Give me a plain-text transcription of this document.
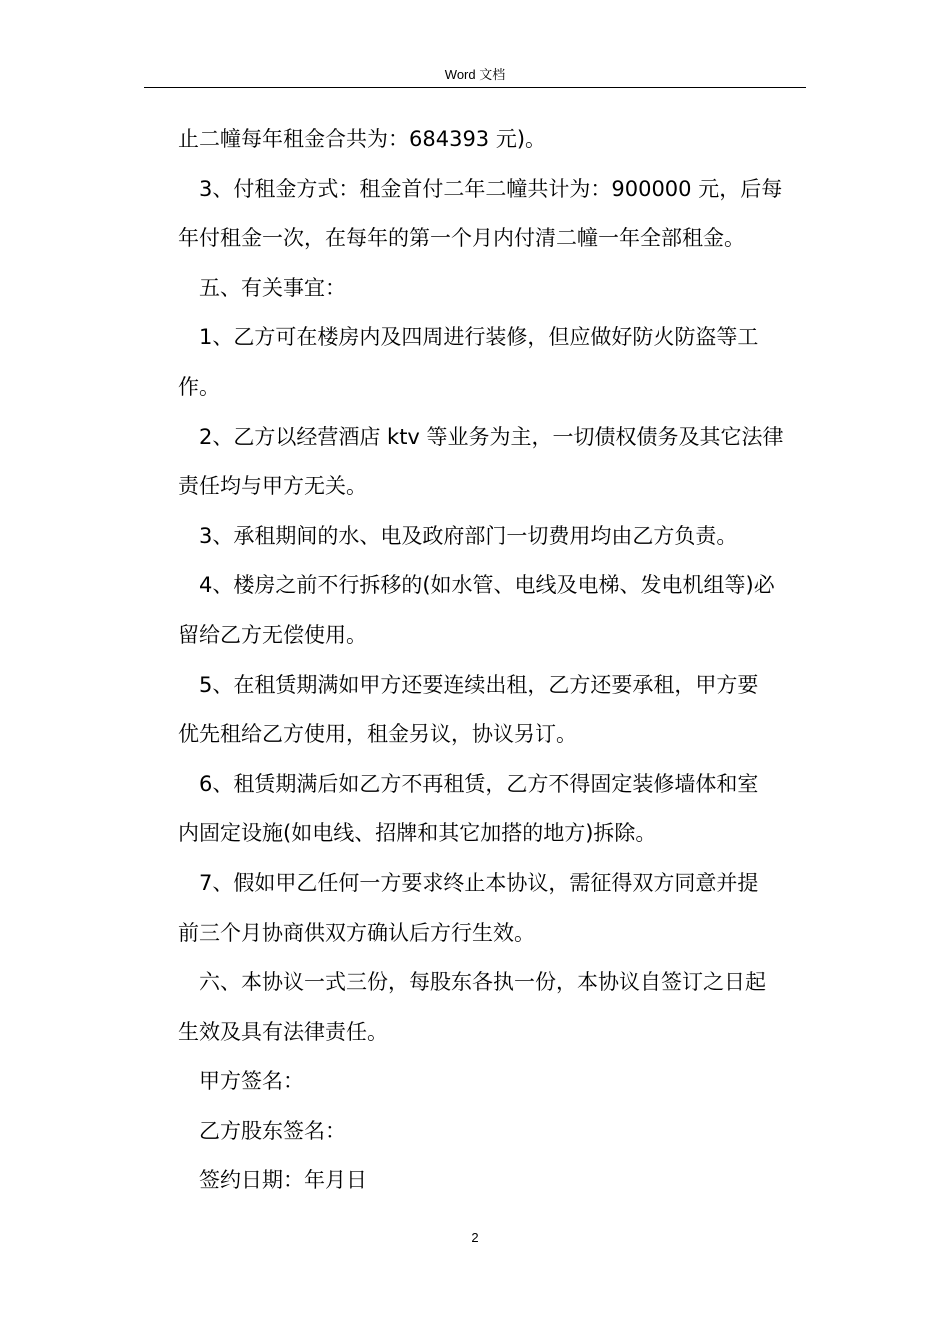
Word 文档
止二幢每年租金合共为：684393 元)。
3、付租金方式：租金首付二年二幢共计为：900000 元，后每
年付租金一次，在每年的第一个月内付清二幢一年全部租金。
五、有关事宜：
1、乙方可在楼房内及四周进行装修，但应做好防火防盗等工
作。
2、乙方以经营酒店 ktv 等业务为主，一切债权债务及其它法律
责任均与甲方无关。
3、承租期间的水、电及政府部门一切费用均由乙方负责。
4、楼房之前不行拆移的(如水管、电线及电梯、发电机组等)必
留给乙方无偿使用。
5、在租赁期满如甲方还要连续出租，乙方还要承租，甲方要
优先租给乙方使用，租金另议，协议另订。
6、租赁期满后如乙方不再租赁，乙方不得固定装修墙体和室
内固定设施(如电线、招牌和其它加搭的地方)拆除。
7、假如甲乙任何一方要求终止本协议，需征得双方同意并提
前三个月协商供双方确认后方行生效。
六、本协议一式三份，每股东各执一份，本协议自签订之日起
生效及具有法律责任。
甲方签名：
乙方股东签名：
签约日期：年月日
2
